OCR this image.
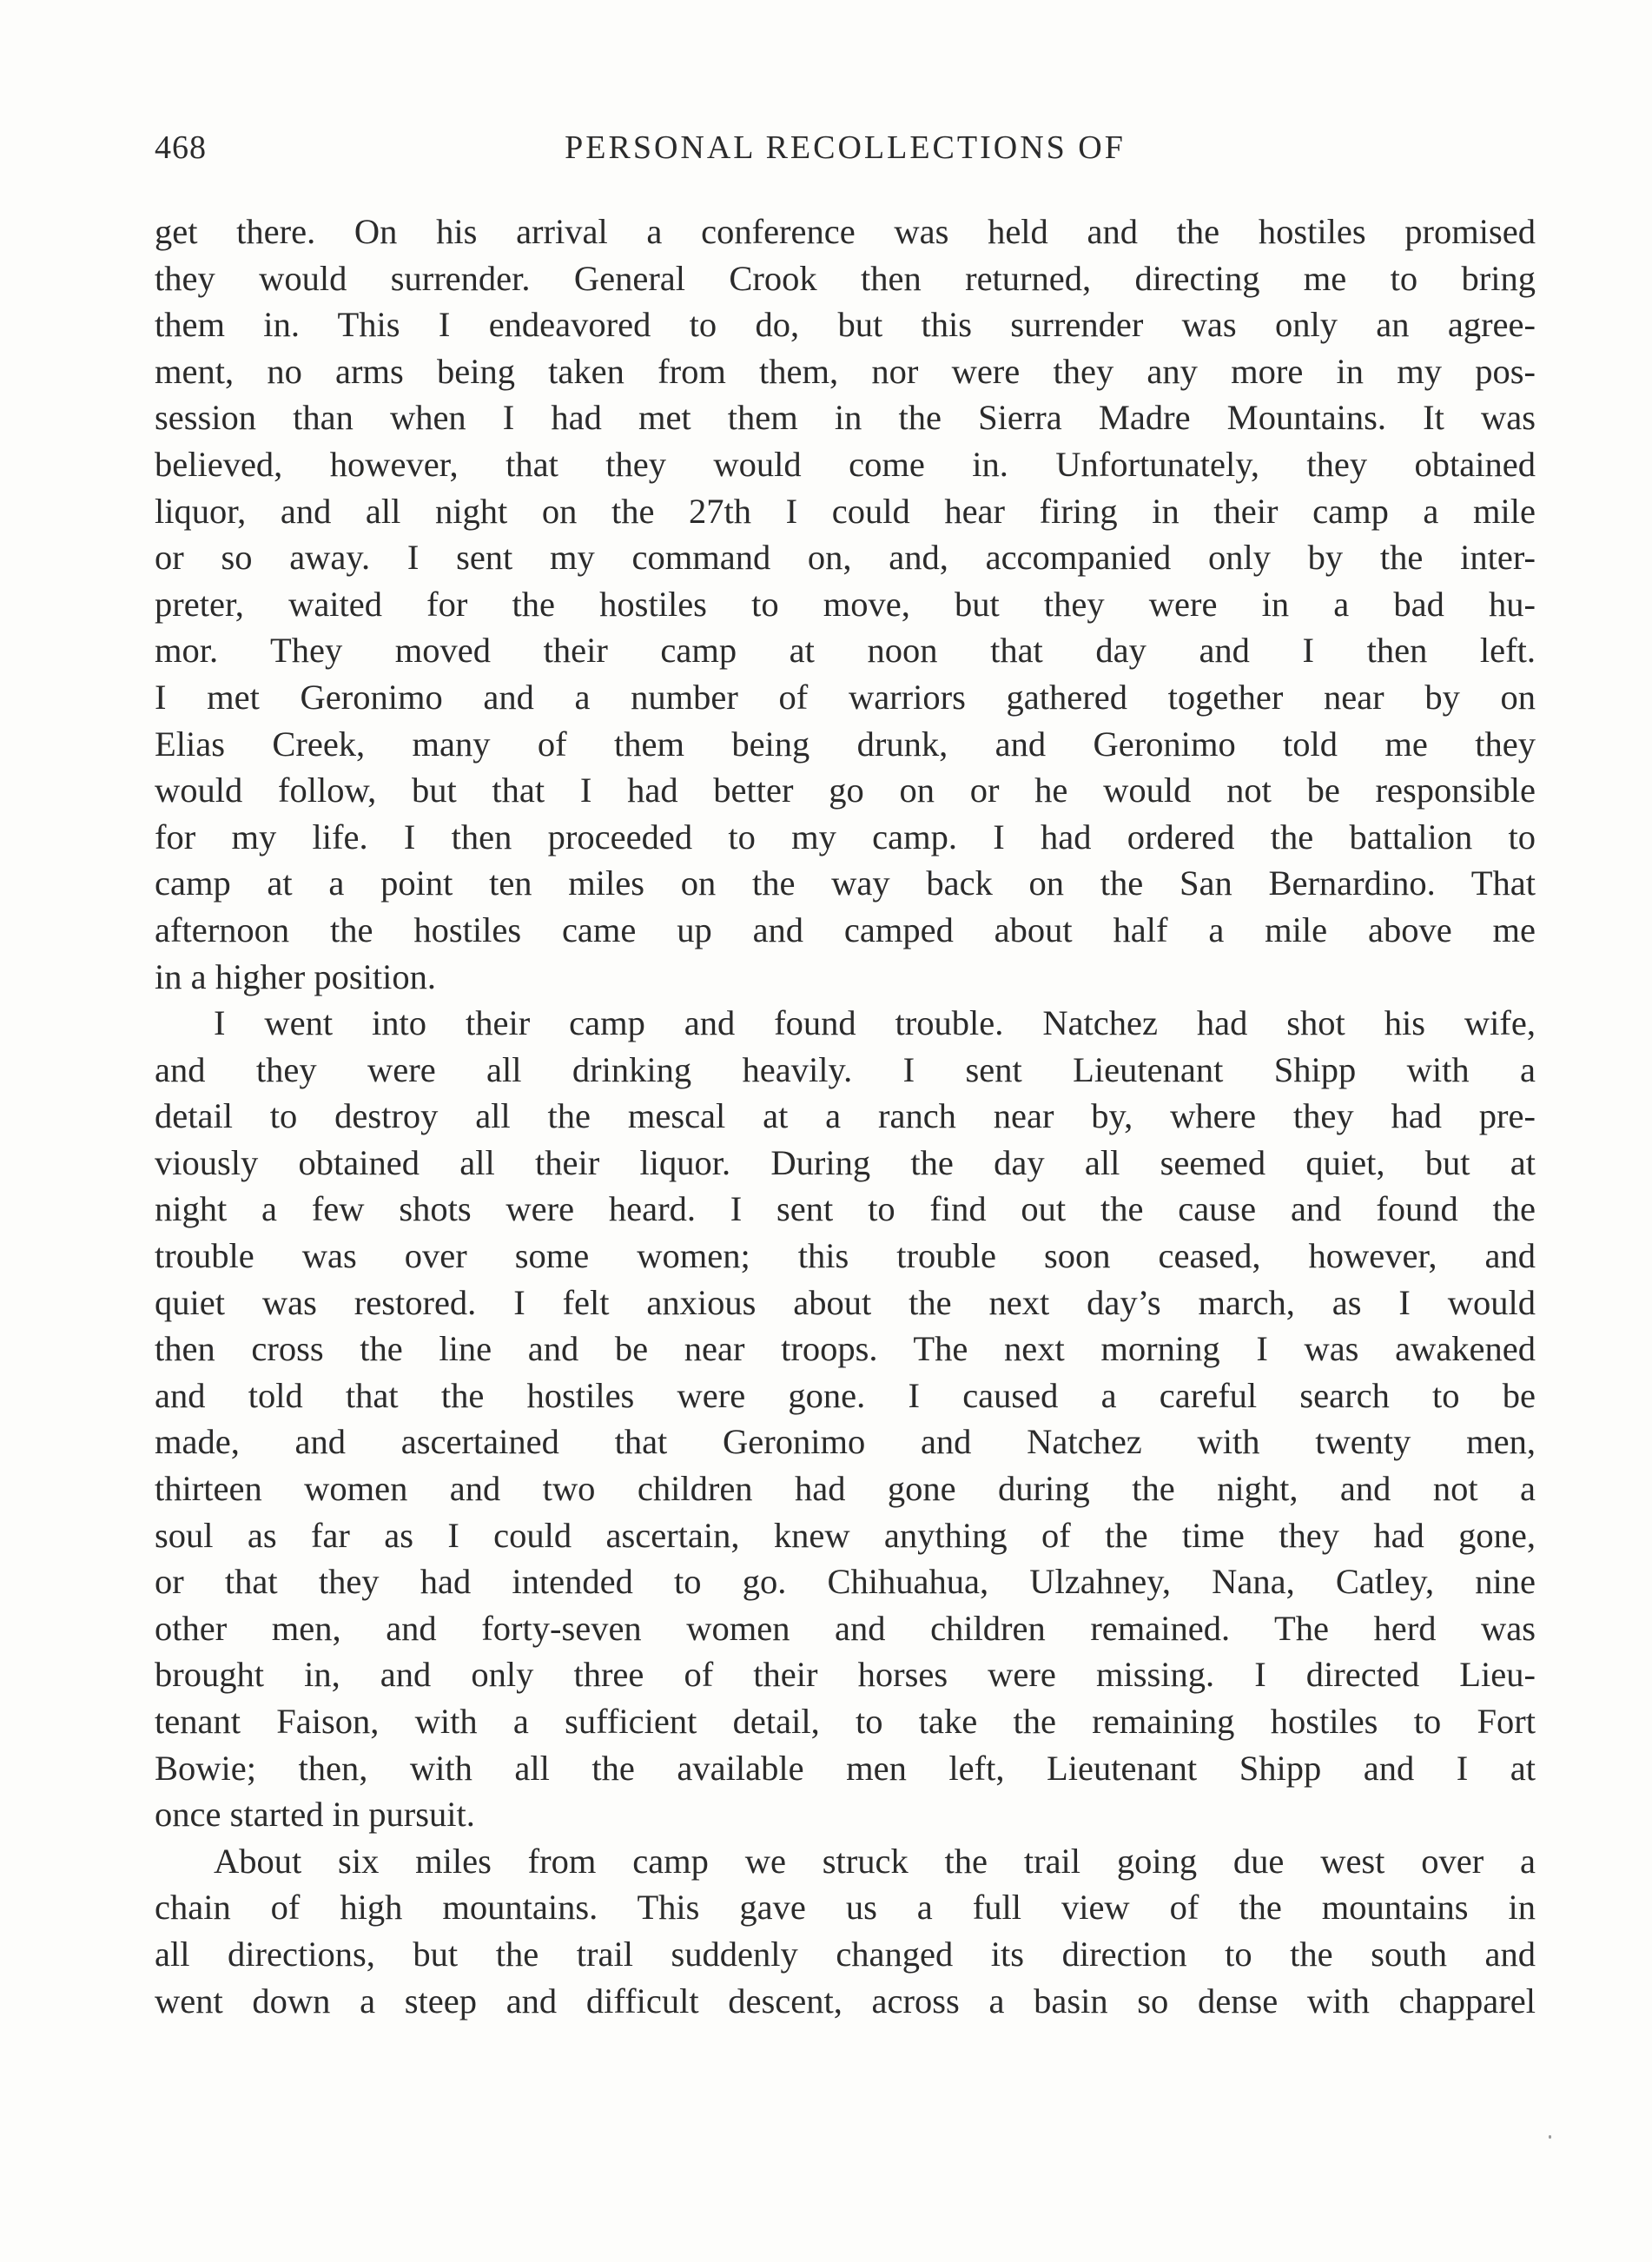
468	PERSONAL RECOLLECTIONS OF
get there. On his arrival a conference was held and the hostiles promised
they would surrender. General Crook then returned, directing me to bring
them in. This I endeavored to do, but this surrender was only an agree-
ment, no arms being taken from them, nor were they any more in my pos-
session than when I had met them in the Sierra Madre Mountains. It was
believed, however, that they would come in. Unfortunately, they obtained
liquor, and all night on the 27th I could hear firing in their camp a mile
or so away. I sent my command on, and, accompanied only by the inter-
preter, waited for the hostiles to move, but they were in a bad hu-
mor. They moved their camp at noon that day and I then left.
I met Geronimo and a number of warriors gathered together near by on
Elias Creek, many of them being drunk, and Geronimo told me they
would follow, but that I had better go on or he would not be responsible
for my life. I then proceeded to my camp. I had ordered the battalion to
camp at a point ten miles on the way back on the San Bernardino. That
afternoon the hostiles came up and camped about half a mile above me
in a higher position.
I went into their camp and found trouble. Natchez had shot his wife,
and they were all drinking heavily. I sent Lieutenant Shipp with a
detail to destroy all the mescal at a ranch near by, where they had pre-
viously obtained all their liquor. During the day all seemed quiet, but at
night a few shots were heard. I sent to find out the cause and found the
trouble was over some women; this trouble soon ceased, however, and
quiet was restored. I felt anxious about the next day’s march, as I would
then cross the line and be near troops. The next morning I was awakened
and told that the hostiles were gone. I caused a careful search to be
made, and ascertained that Geronimo and Natchez with twenty men,
thirteen women and two children had gone during the night, and not a
soul as far as I could ascertain, knew anything of the time they had gone,
or that they had intended to go. Chihuahua, Ulzahney, Nana, Catley, nine
other men, and forty-seven women and children remained. The herd was
brought in, and only three of their horses were missing. I directed Lieu-
tenant Faison, with a sufficient detail, to take the remaining hostiles to Fort
Bowie; then, with all the available men left, Lieutenant Shipp and I at
once started in pursuit.
About six miles from camp we struck the trail going due west over a
chain of high mountains. This gave us a full view of the mountains in
all directions, but the trail suddenly changed its direction to the south and
went down a steep and difficult descent, across a basin so dense with chapparel
